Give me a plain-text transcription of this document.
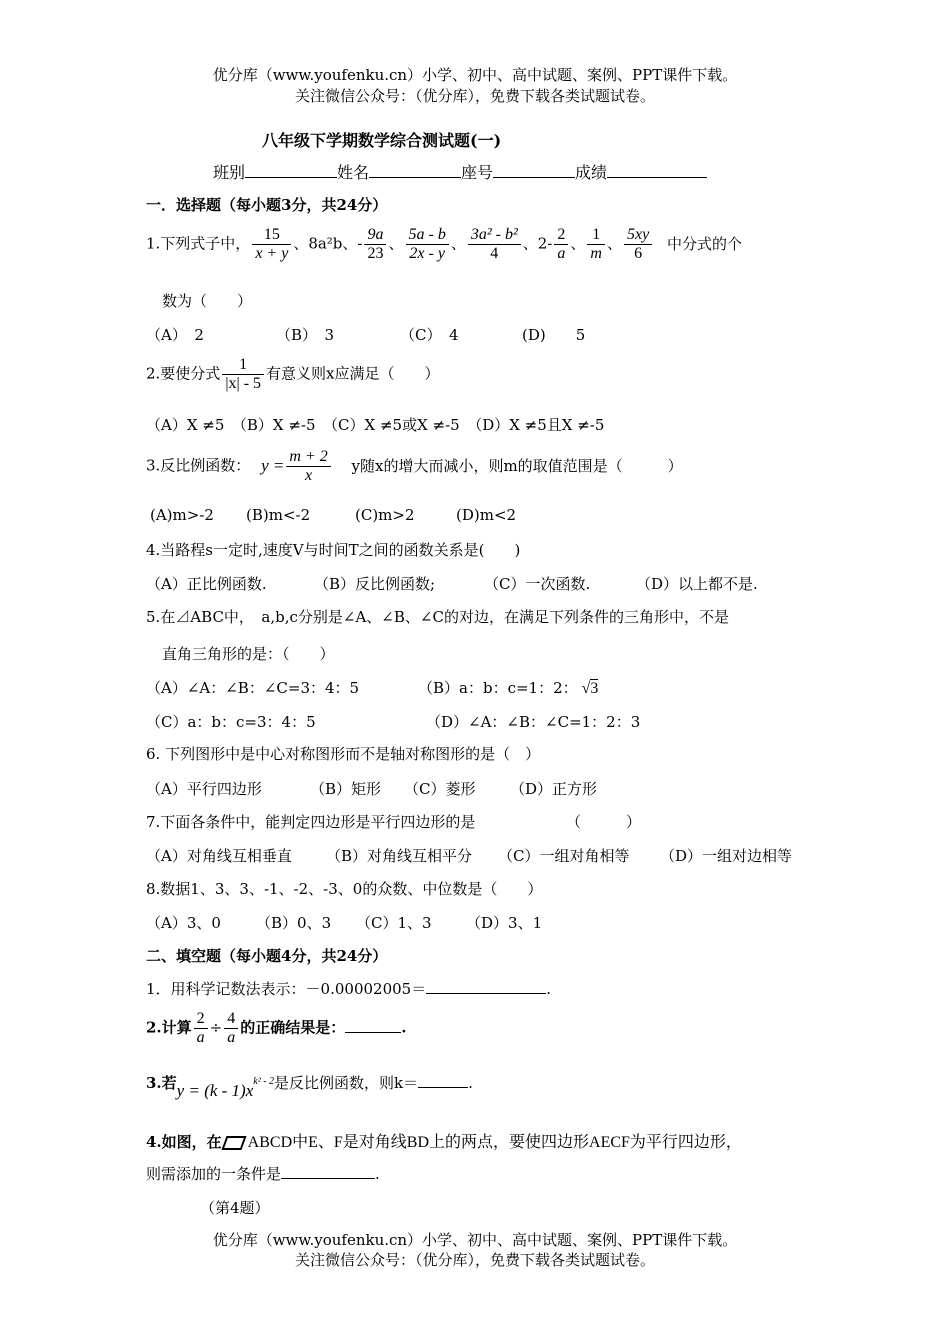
优分库（www.youfenku.cn）小学、初中、高中试题、案例、PPT课件下载。
关注微信公众号：（优分库），免费下载各类试题试卷。
八年级下学期数学综合测试题(一)
班别	姓名	座号	成绩
一．选择题（每小题3分，共24分）
1.下列式子中， $\frac{15}{x + y}$ 、8a²b、- $\frac{9a}{23}$ 、 $\frac{5a - b}{2x - y}$ 、 $\frac{\text{3a² - b²}}{4}$ 、$2- \frac{2}{a}$ 、 $\frac{1}{m}$ 、 $\frac{5xy}{6}$ 中分式的个
数为（　　）
（A）　2	（B）　3	（C）　4	(D)　　5
2.要使分式 $\frac{1}{|x| - 5}$ 有意义则x应满足（　　）
（A）X ≠5　（B）X ≠-5　（C）X ≠5或X ≠-5　（D）X ≠5且X ≠-5
3.反比例函数： $y = \frac{m + 2}{x}$ y随x的增大而减小，则m的取值范围是（　　　）
(A)m>-2 (B)m<-2	(C)m>2	(D)m<2
4.当路程s一定时,速度V与时间T之间的函数关系是(　　)
（A）正比例函数.	（B）反比例函数;	（C）一次函数.	（D）以上都不是.
5.在⊿ABC中，　a,b,c分别是∠A、∠B、∠C的对边，在满足下列条件的三角形中，不是
直角三角形的是：（　　）
（A）∠A：∠B：∠C=3：4：5	（B）a：b：c=1：2： √3
（C）a：b：c=3：4：5	（D）∠A：∠B：∠C=1：2：3
6. 下列图形中是中心对称图形而不是轴对称图形的是（　）
（A）平行四边形	（B）矩形 （C）菱形 （D）正方形
7.下面各条件中，能判定四边形是平行四边形的是	（　　　）
（A）对角线互相垂直 （B）对角线互相平分 （C）一组对角相等 （D）一组对边相等
8.数据1、3、3、-1、-2、-3、0的众数、中位数是（　　）
（A）3、0 （B）0、3 （C）1、3 （D）3、1
二、填空题（每小题4分，共24分）
1．用科学记数法表示：－0.00002005＝	.
2.计算 $\frac{2}{a} \div \frac{4}{a}$ 的正确结果是：	.
3.若$y = (k - 1)x^{k^2 - 2}$是反比例函数，则k＝	.
4.如图，在 ABCD中E、F是对角线BD上的两点，要使四边形AECF为平行四边形，
则需添加的一条件是	.
（第4题）
优分库（www.youfenku.cn）小学、初中、高中试题、案例、PPT课件下载。
关注微信公众号：（优分库），免费下载各类试题试卷。
